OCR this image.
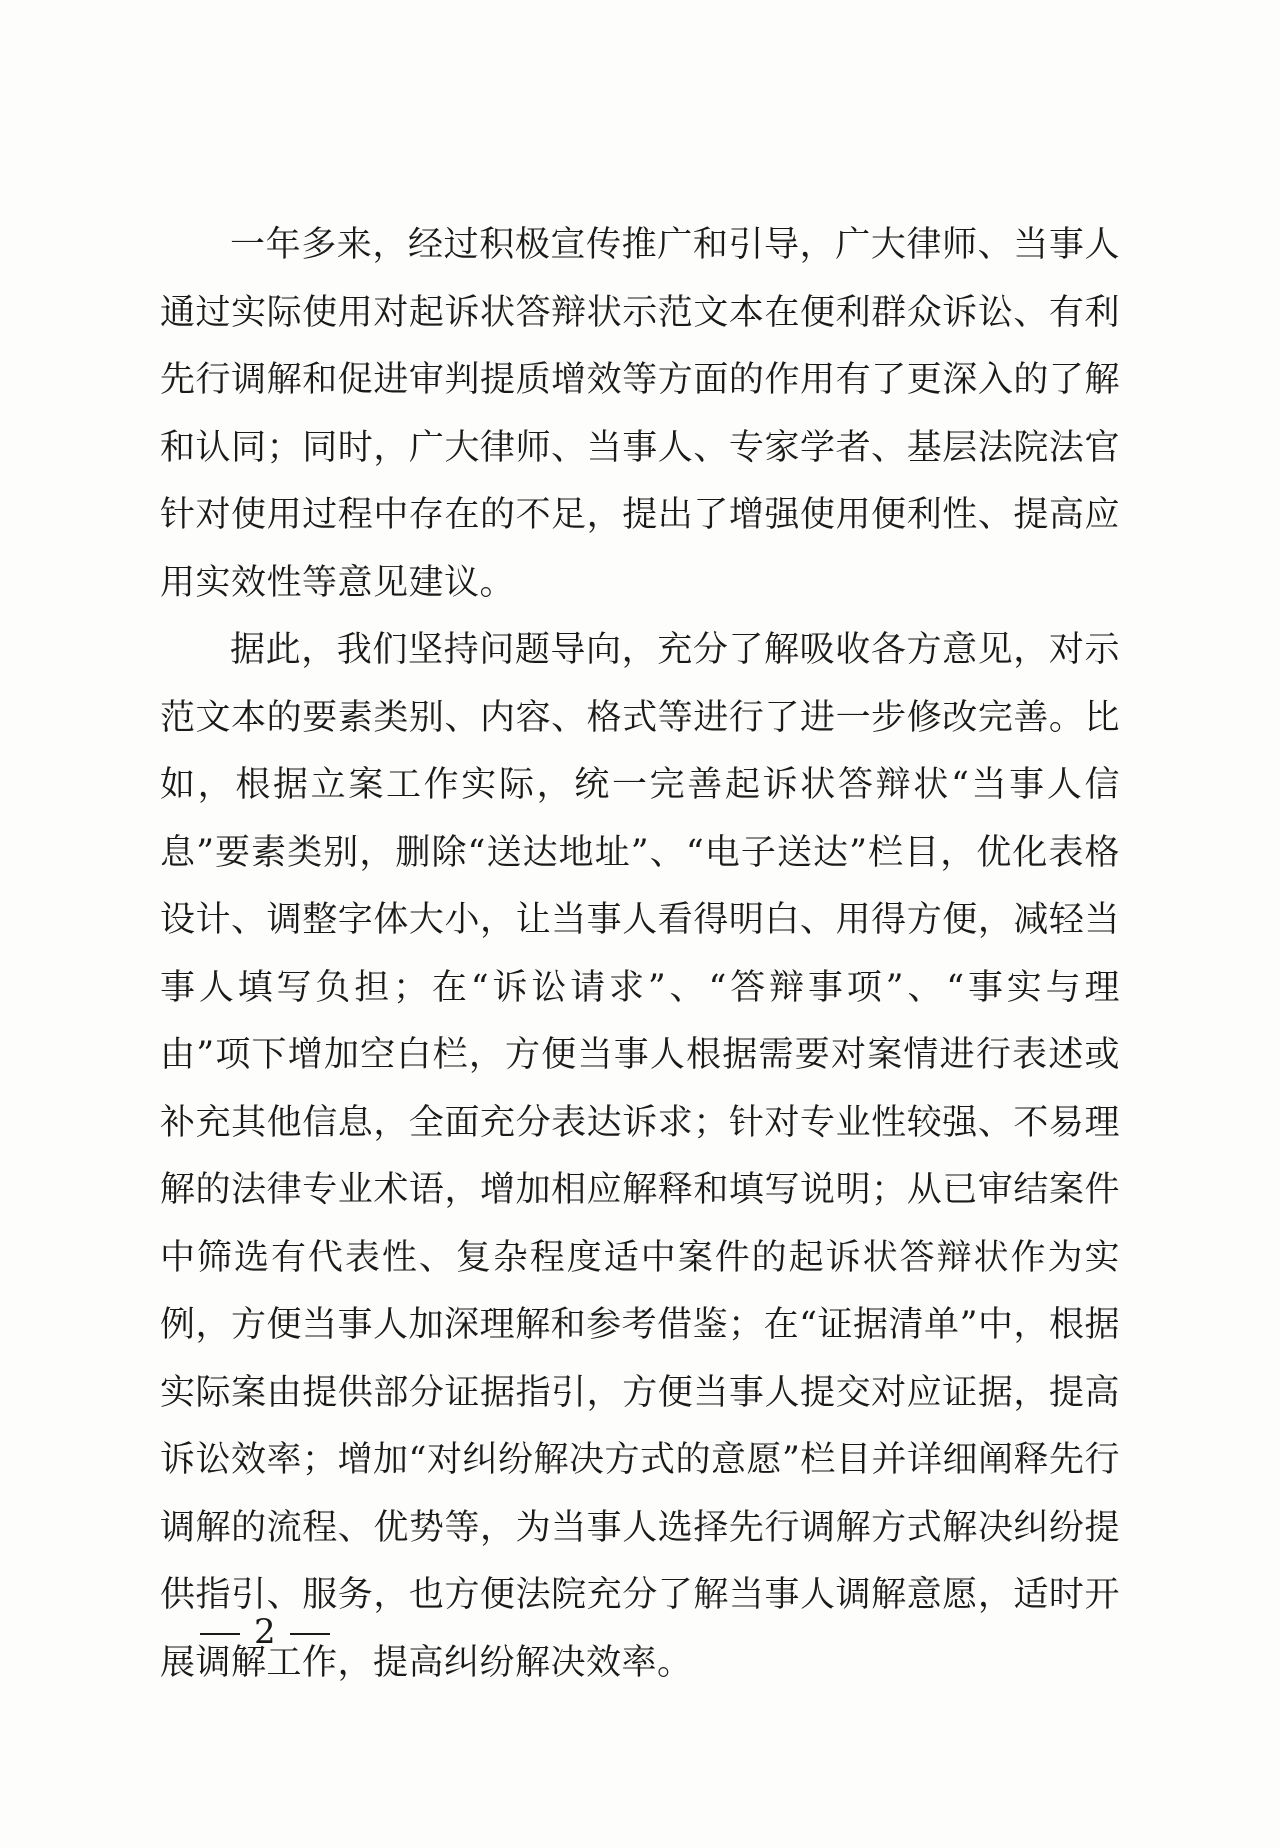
一年多来，经过积极宣传推广和引导，广大律师、当事人通过实际使用对起诉状答辩状示范文本在便利群众诉讼、有利先行调解和促进审判提质增效等方面的作用有了更深入的了解和认同；同时，广大律师、当事人、专家学者、基层法院法官针对使用过程中存在的不足，提出了增强使用便利性、提高应用实效性等意见建议。

据此，我们坚持问题导向，充分了解吸收各方意见，对示范文本的要素类别、内容、格式等进行了进一步修改完善。比如，根据立案工作实际，统一完善起诉状答辩状“当事人信息”要素类别，删除“送达地址”、“电子送达”栏目，优化表格设计、调整字体大小，让当事人看得明白、用得方便，减轻当事人填写负担；在“诉讼请求”、“答辩事项”、“事实与理由”项下增加空白栏，方便当事人根据需要对案情进行表述或补充其他信息，全面充分表达诉求；针对专业性较强、不易理解的法律专业术语，增加相应解释和填写说明；从已审结案件中筛选有代表性、复杂程度适中案件的起诉状答辩状作为实例，方便当事人加深理解和参考借鉴；在“证据清单”中，根据实际案由提供部分证据指引，方便当事人提交对应证据，提高诉讼效率；增加“对纠纷解决方式的意愿”栏目并详细阐释先行调解的流程、优势等，为当事人选择先行调解方式解决纠纷提供指引、服务，也方便法院充分了解当事人调解意愿，适时开展调解工作，提高纠纷解决效率。

2
